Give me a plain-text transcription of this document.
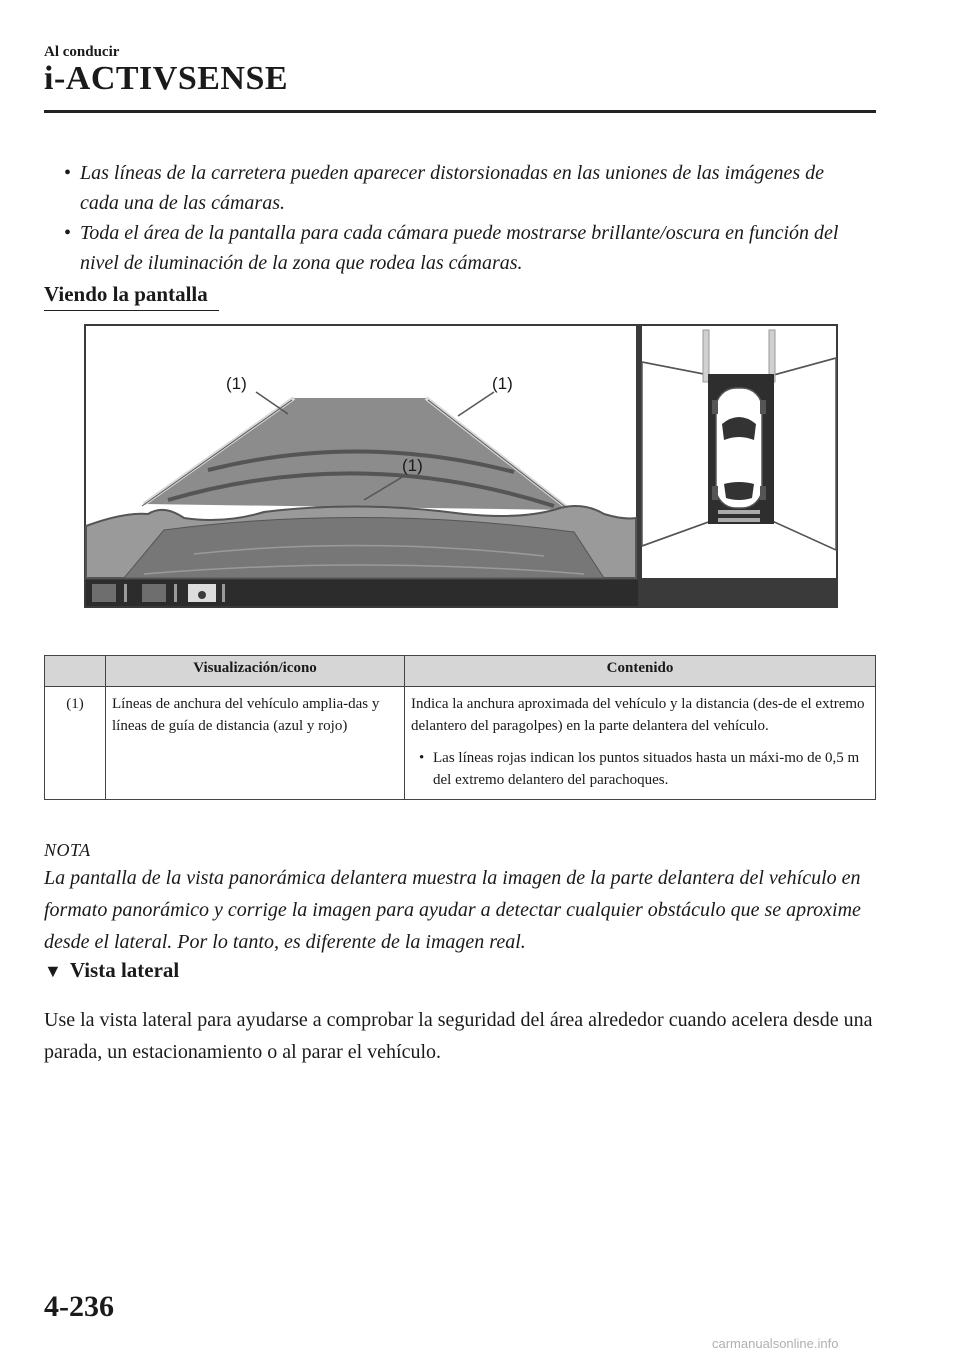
Al conducir
i-ACTIVSENSE
• Las líneas de la carretera pueden aparecer distorsionadas en las uniones de las imágenes de cada una de las cámaras.
• Toda el área de la pantalla para cada cámara puede mostrarse brillante/oscura en función del nivel de iluminación de la zona que rodea las cámaras.
Viendo la pantalla
(1)	(1)
(1)
	Visualización/icono	Contenido
(1)	Líneas de anchura del vehículo amplia-das y líneas de guía de distancia (azul y rojo)	Indica la anchura aproximada del vehículo y la distancia (des-de el extremo delantero del paragolpes) en la parte delantera del vehículo.
• Las líneas rojas indican los puntos situados hasta un máxi-mo de 0,5 m del extremo delantero del parachoques.
NOTA
La pantalla de la vista panorámica delantera muestra la imagen de la parte delantera del vehículo en formato panorámico y corrige la imagen para ayudar a detectar cualquier obstáculo que se aproxime desde el lateral. Por lo tanto, es diferente de la imagen real.
▼ Vista lateral
Use la vista lateral para ayudarse a comprobar la seguridad del área alrededor cuando acelera desde una parada, un estacionamiento o al parar el vehículo.
4-236
carmanualsonline.info
